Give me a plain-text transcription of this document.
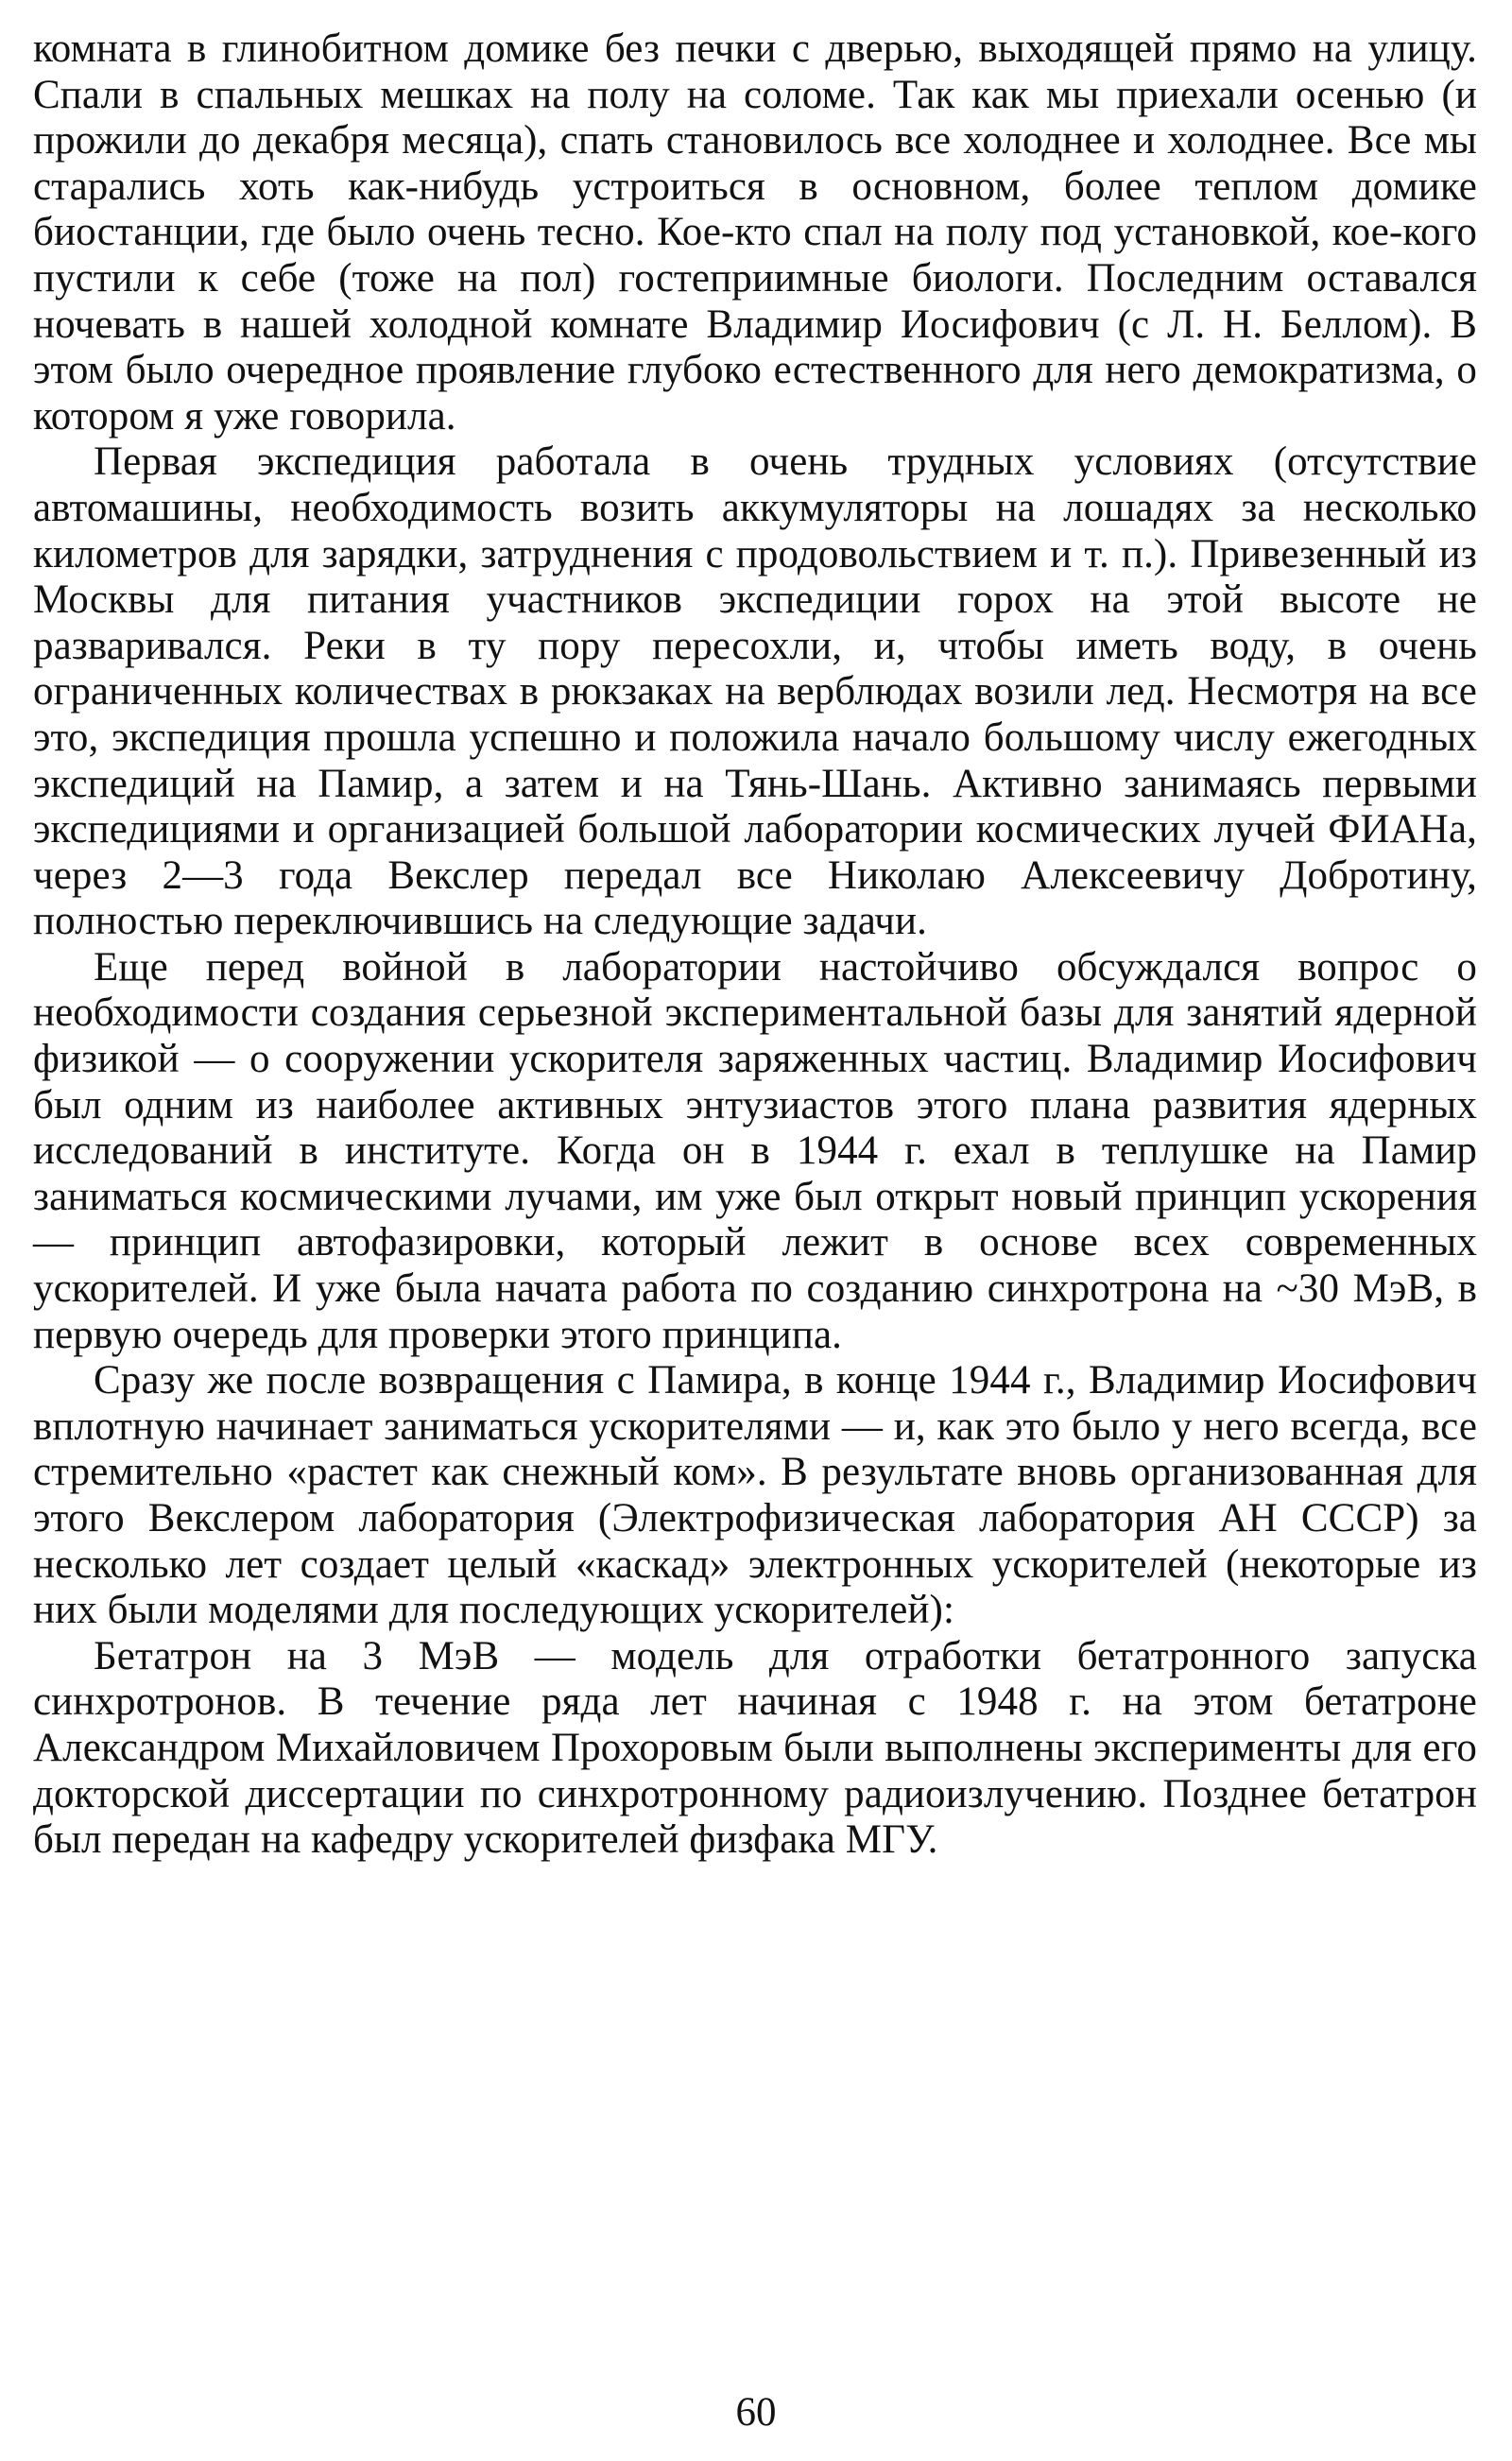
комната в глинобитном домике без печки с дверью, выходящей прямо на улицу. Спали в спальных мешках на полу на соломе. Так как мы приехали осенью (и прожили до декабря месяца), спать становилось все холоднее и холоднее. Все мы старались хоть как-нибудь устроиться в основном, более теплом домике биостанции, где было очень тесно. Кое-кто спал на полу под установкой, кое-кого пустили к себе (тоже на пол) гостеприимные биологи. Последним оставался ночевать в нашей холодной комнате Владимир Иосифович (с Л. Н. Беллом). В этом было очередное проявление глубоко естественного для него демократизма, о котором я уже говорила.

Первая экспедиция работала в очень трудных условиях (отсутствие автомашины, необходимость возить аккумуляторы на лошадях за несколько километров для зарядки, затруднения с продовольствием и т. п.). Привезенный из Москвы для питания участников экспедиции горох на этой высоте не разваривался. Реки в ту пору пересохли, и, чтобы иметь воду, в очень ограниченных количествах в рюкзаках на верблюдах возили лед. Несмотря на все это, экспедиция прошла успешно и положила начало большому числу ежегодных экспедиций на Памир, а затем и на Тянь-Шань. Активно занимаясь первыми экспедициями и организацией большой лаборатории космических лучей ФИАНа, через 2—3 года Векслер передал все Николаю Алексеевичу Добротину, полностью переключившись на следующие задачи.

Еще перед войной в лаборатории настойчиво обсуждался вопрос о необходимости создания серьезной экспериментальной базы для занятий ядерной физикой — о сооружении ускорителя заряженных частиц. Владимир Иосифович был одним из наиболее активных энтузиастов этого плана развития ядерных исследований в институте. Когда он в 1944 г. ехал в теплушке на Памир заниматься космическими лучами, им уже был открыт новый принцип ускорения — принцип автофазировки, который лежит в основе всех современных ускорителей. И уже была начата работа по созданию синхротрона на ~30 МэВ, в первую очередь для проверки этого принципа.

Сразу же после возвращения с Памира, в конце 1944 г., Владимир Иосифович вплотную начинает заниматься ускорителями — и, как это было у него всегда, все стремительно «растет как снежный ком». В результате вновь организованная для этого Векслером лаборатория (Электрофизическая лаборатория АН СССР) за несколько лет создает целый «каскад» электронных ускорителей (некоторые из них были моделями для последующих ускорителей):

Бетатрон на 3 МэВ — модель для отработки бетатронного запуска синхротронов. В течение ряда лет начиная с 1948 г. на этом бетатроне Александром Михайловичем Прохоровым были выполнены эксперименты для его докторской диссертации по синхротронному радиоизлучению. Позднее бетатрон был передан на кафедру ускорителей физфака МГУ.

60
